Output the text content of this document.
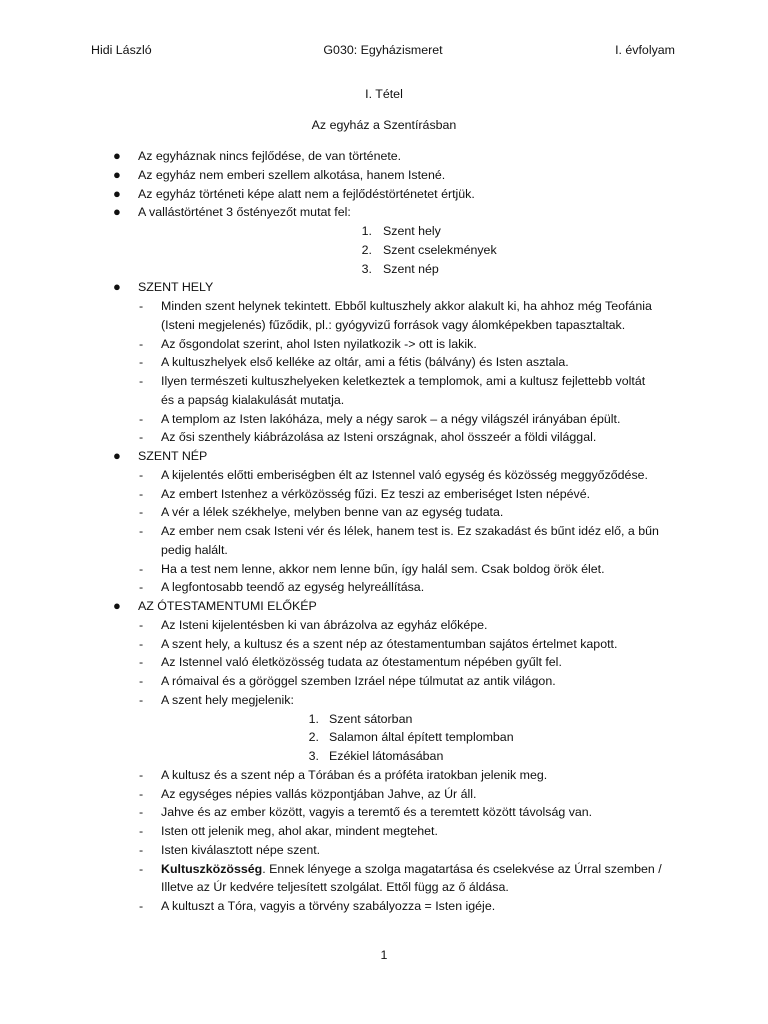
Hidi László	G030: Egyházismeret	I. évfolyam
I. Tétel
Az egyház a Szentírásban
● Az egyháznak nincs fejlődése, de van története.
● Az egyház nem emberi szellem alkotása, hanem Istené.
● Az egyház történeti képe alatt nem a fejlődéstörténetet értjük.
● A vallástörténet 3 őstényezőt mutat fel:
1. Szent hely
2. Szent cselekmények
3. Szent nép
● SZENT HELY
- Minden szent helynek tekintett. Ebből kultuszhely akkor alakult ki, ha ahhoz még Teofánia
(Isteni megjelenés) fűződik, pl.: gyógyvizű források vagy álomképekben tapasztaltak.
- Az ősgondolat szerint, ahol Isten nyilatkozik -> ott is lakik.
- A kultuszhelyek első kelléke az oltár, ami a fétis (bálvány) és Isten asztala.
- Ilyen természeti kultuszhelyeken keletkeztek a templomok, ami a kultusz fejlettebb voltát
és a papság kialakulását mutatja.
- A templom az Isten lakóháza, mely a négy sarok – a négy világszél irányában épült.
- Az ősi szenthely kiábrázolása az Isteni országnak, ahol összeér a földi világgal.
● SZENT NÉP
- A kijelentés előtti emberiségben élt az Istennel való egység és közösség meggyőződése.
- Az embert Istenhez a vérközösség fűzi. Ez teszi az emberiséget Isten népévé.
- A vér a lélek székhelye, melyben benne van az egység tudata.
- Az ember nem csak Isteni vér és lélek, hanem test is. Ez szakadást és bűnt idéz elő, a bűn
pedig halált.
- Ha a test nem lenne, akkor nem lenne bűn, így halál sem. Csak boldog örök élet.
- A legfontosabb teendő az egység helyreállítása.
● AZ ÓTESTAMENTUMI ELŐKÉP
- Az Isteni kijelentésben ki van ábrázolva az egyház előképe.
- A szent hely, a kultusz és a szent nép az ótestamentumban sajátos értelmet kapott.
- Az Istennel való életközösség tudata az ótestamentum népében gyűlt fel.
- A rómaival és a göröggel szemben Izráel népe túlmutat az antik világon.
- A szent hely megjelenik:
1. Szent sátorban
2. Salamon által épített templomban
3. Ezékiel látomásában
- A kultusz és a szent nép a Tórában és a próféta iratokban jelenik meg.
- Az egységes népies vallás központjában Jahve, az Úr áll.
- Jahve és az ember között, vagyis a teremtő és a teremtett között távolság van.
- Isten ott jelenik meg, ahol akar, mindent megtehet.
- Isten kiválasztott népe szent.
- Kultuszközösség. Ennek lényege a szolga magatartása és cselekvése az Úrral szemben /
Illetve az Úr kedvére teljesített szolgálat. Ettől függ az ő áldása.
- A kultuszt a Tóra, vagyis a törvény szabályozza = Isten igéje.
1
